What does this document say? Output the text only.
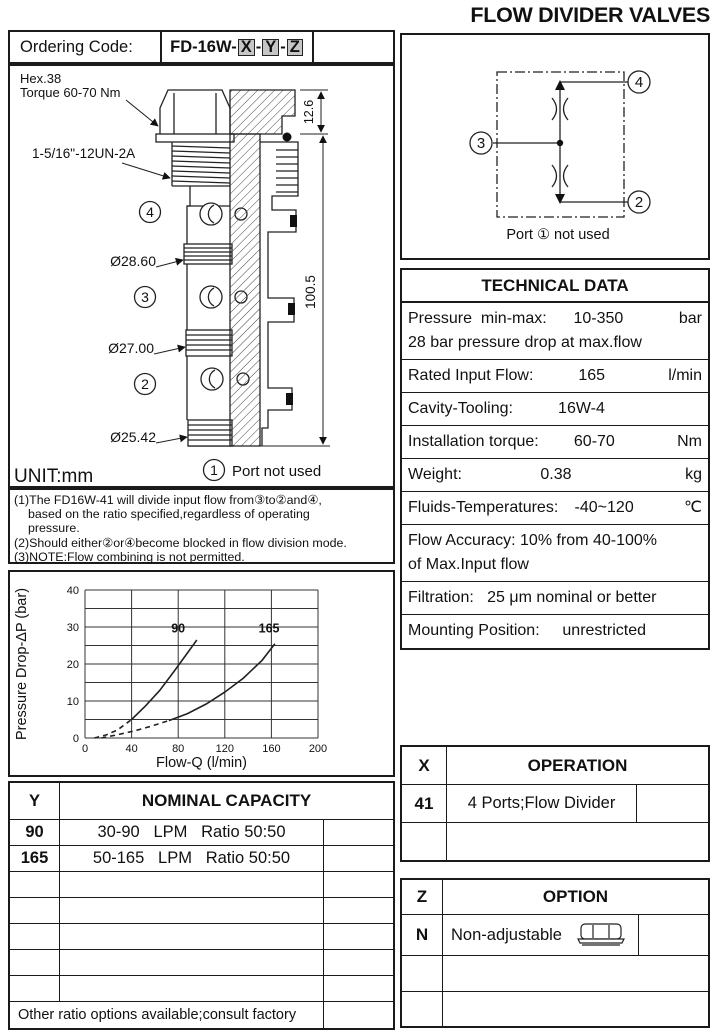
FLOW DIVIDER VALVES
Ordering Code:	FD-16W- X - Y - Z
Hex.38
Torque 60-70 Nm
1-5/16"-12UN-2A
Ø28.60
Ø27.00
Ø25.42
4
3
2
1 Port not used
12.6
100.5
UNIT:mm
(1)The FD16W-41 will divide input flow from③to②and④,
based on the ratio specified,regardless of operating
pressure.
(2)Should either②or④become blocked in flow division mode.
(3)NOTE:Flow combining is not permitted.
0	40	80	120	160	200
0
10
20
30
40
90	165
Flow-Q (l/min)
Pressure Drop-ΔP (bar)
Y	NOMINAL CAPACITY
90	30-90   LPM   Ratio 50:50
165	50-165   LPM   Ratio 50:50
Other ratio options available;consult factory
4
2
3
Port ① not used
TECHNICAL DATA
Pressure  min-max:	10-350	bar
28 bar pressure drop at max.flow
Rated Input Flow:	165	l/min
Cavity-Tooling:	16W-4
Installation torque:	60-70	Nm
Weight:	0.38	kg
Fluids-Temperatures:	-40~120	℃
Flow Accuracy: 10% from 40-100%
of Max.Input flow
Filtration:   25 μm nominal or better
Mounting Position:	unrestricted
X	OPERATION
41	4 Ports;Flow Divider
Z	OPTION
N	Non-adjustable
